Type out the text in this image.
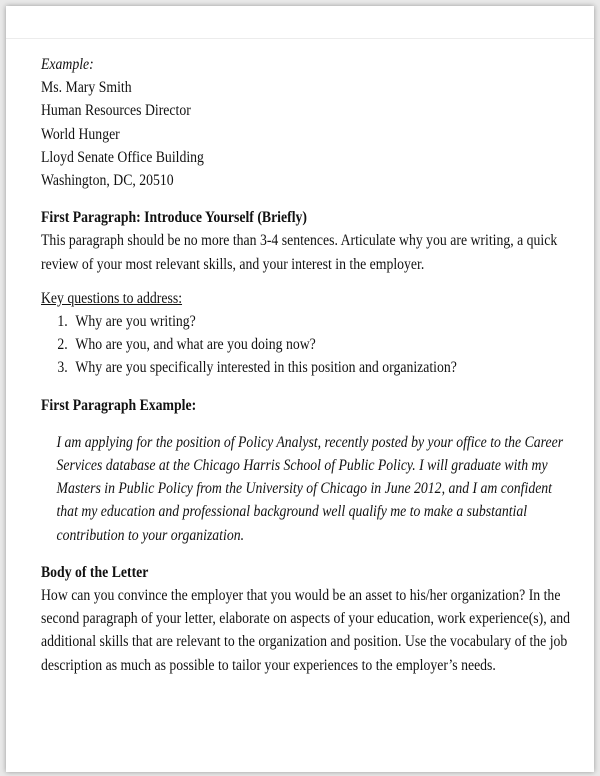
Example:
Ms. Mary Smith
Human Resources Director
World Hunger
Lloyd Senate Office Building
Washington, DC, 20510
First Paragraph: Introduce Yourself (Briefly)
This paragraph should be no more than 3-4 sentences. Articulate why you are writing, a quick
review of your most relevant skills, and your interest in the employer.
Key questions to address:
1. Why are you writing?
2. Who are you, and what are you doing now?
3. Why are you specifically interested in this position and organization?
First Paragraph Example:
I am applying for the position of Policy Analyst, recently posted by your office to the Career
Services database at the Chicago Harris School of Public Policy. I will graduate with my
Masters in Public Policy from the University of Chicago in June 2012, and I am confident
that my education and professional background well qualify me to make a substantial
contribution to your organization.
Body of the Letter
How can you convince the employer that you would be an asset to his/her organization? In the
second paragraph of your letter, elaborate on aspects of your education, work experience(s), and
additional skills that are relevant to the organization and position. Use the vocabulary of the job
description as much as possible to tailor your experiences to the employer’s needs.
